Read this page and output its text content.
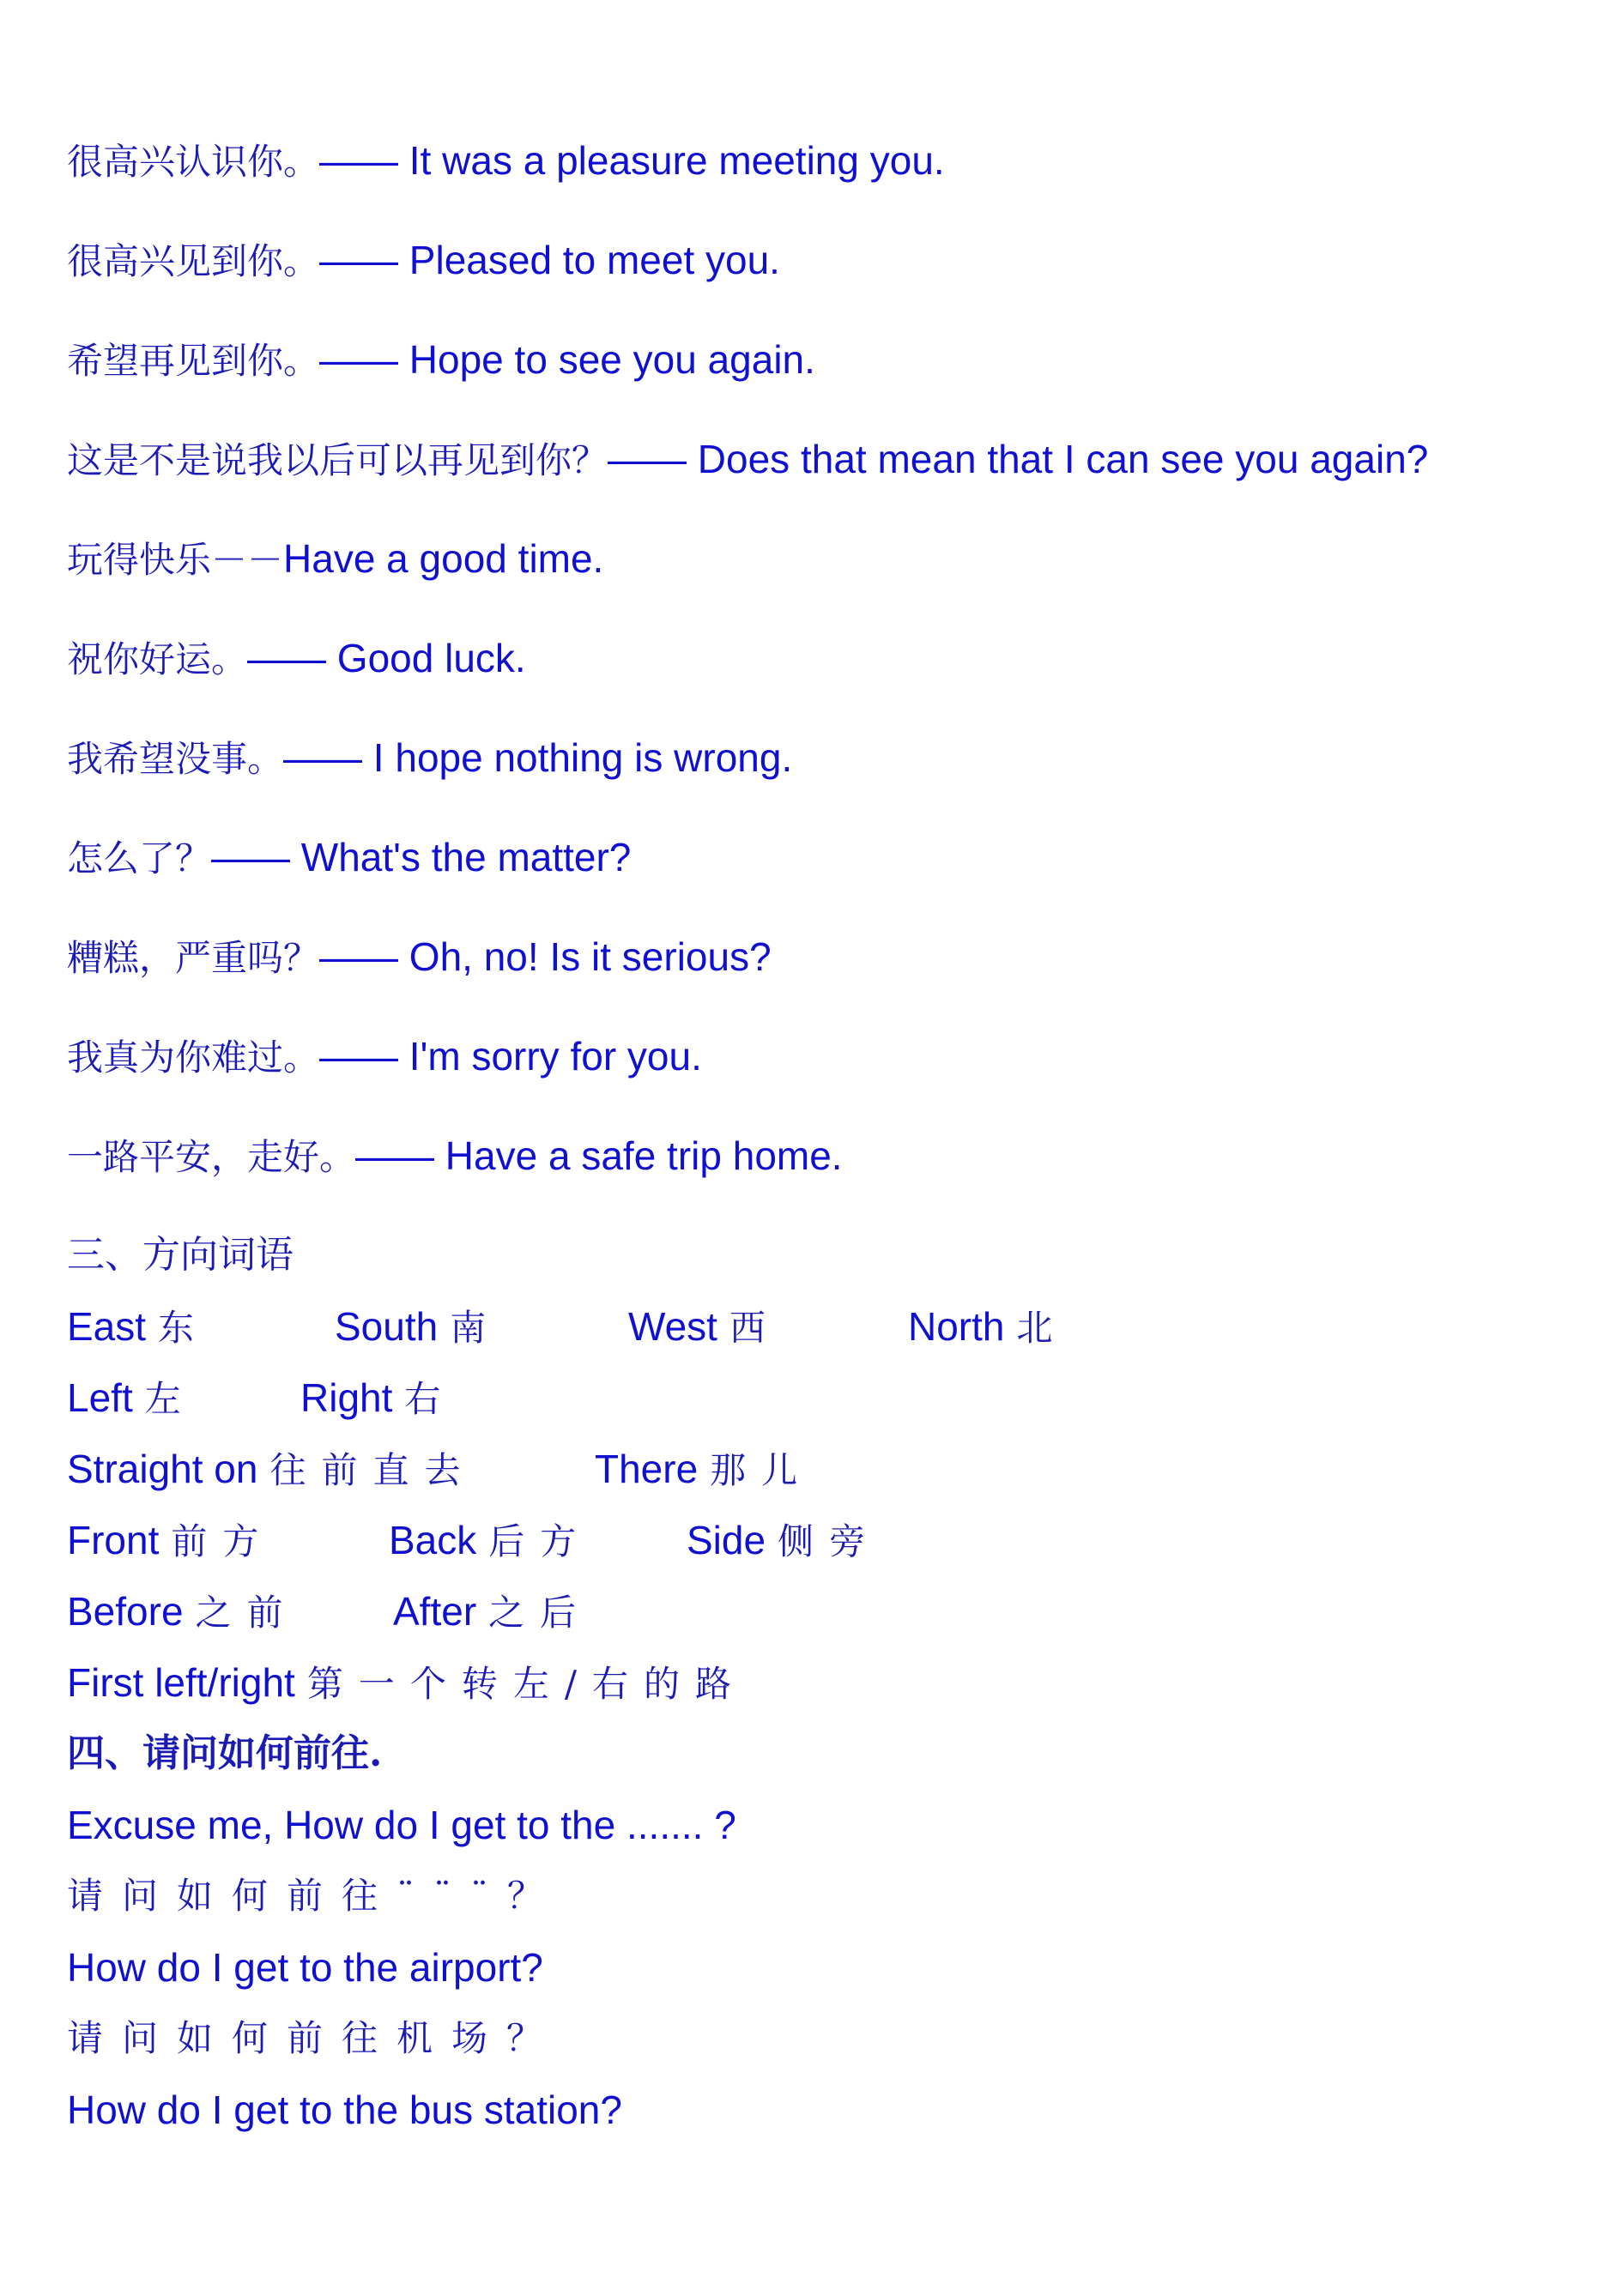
很高兴认识你。—— It was a pleasure meeting you.
很高兴见到你。—— Pleased to meet you.
希望再见到你。—— Hope to see you again.
这是不是说我以后可以再见到你？—— Does that mean that I can see you again?
玩得快乐－－Have a good time.
祝你好运。—— Good luck.
我希望没事。—— I hope nothing is wrong.
怎么了？—— What's the matter?
糟糕，严重吗？—— Oh, no! Is it serious?
我真为你难过。—— I'm sorry for you.
一路平安，走好。—— Have a safe trip home.
三、方向词语
East 东	South 南	West 西	North 北
Left 左	Right 右
Straight on 往前直去	There 那儿
Front 前方	Back 后方 Side 侧旁
Before 之前 After 之后
First left/right 第一个转左/右的路
四、请问如何前往.
Excuse me, How do I get to the ....... ?
请问如何前往¨¨¨？
How do I get to the airport?
请问如何前往机场？
How do I get to the bus station?
